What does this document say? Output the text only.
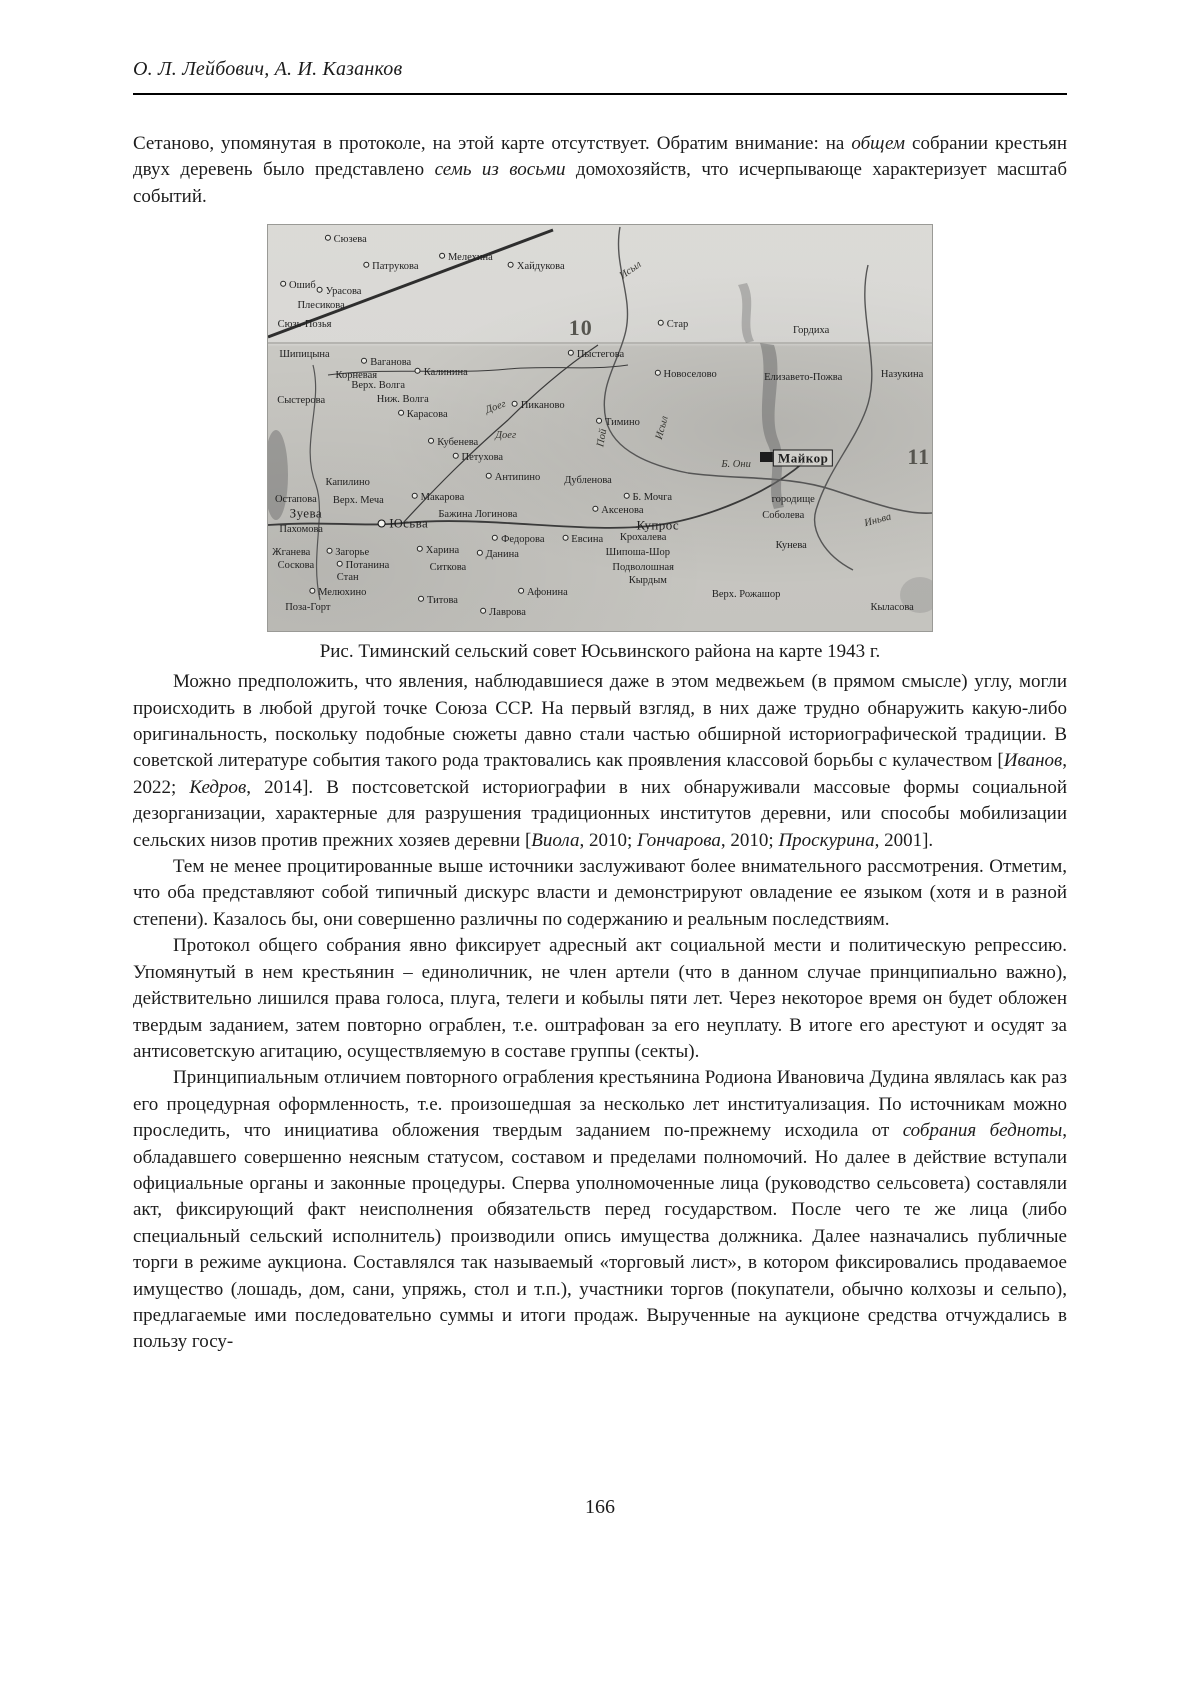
О. Л. Лейбович, А. И. Казанков

Сетаново, упомянутая в протоколе, на этой карте отсутствует. Обратим внимание: на общем собрании крестьян двух деревень было представлено семь из восьми домохозяйств, что исчерпывающе характеризует масштаб событий.

Сюзева
Патрукова
Мелехина
Хайдукова	Исыл
Ошиб
Урасова
Плесикова
Сюзь-Позья	10	Стар
Гордиха
Шипицына
Ваганова
Корневая	Калинина
Верх. Волга
Пыстегова
Новоселово	Елизавето-Пожва	Назукина
Сыстерова	Ниж. Волга
Пиканово
Карасова	Доег
Тимино Исыл
Доег
Кубенева	Пой
Майкор	11
Петухова
Б. Они
Капилино	Антипино Дубленова
Остапова Верх. Меча	Макарова	Б. Мочга	городище
Зуева
Юсьва
Бажина Логинова	Аксенова
Купрос
Соболева	Иньва
Пахомова
Федорова	Евсина Крохалева
Жганева	Загорье	Харина	Данина	Шипоша-Шор
Кунева
Соскова	Потанина	Ситкова	Подволошная
Кырдым
Стан
Мелюхино
Титова
Афонина	Верх. Рожашор
Поза-Горт	Лаврова	Кыласова
Рис. Тиминский сельский совет Юсьвинского района на карте 1943 г.

Можно предположить, что явления, наблюдавшиеся даже в этом медвежьем (в прямом смысле) углу, могли происходить в любой другой точке Союза ССР. На первый взгляд, в них даже трудно обнаружить какую-либо оригинальность, поскольку подобные сюжеты давно стали частью обширной историографической традиции. В советской литературе события такого рода трактовались как проявления классовой борьбы с кулачеством [Иванов, 2022; Кедров, 2014]. В постсоветской историографии в них обнаруживали массовые формы социальной дезорганизации, характерные для разрушения традиционных институтов деревни, или способы мобилизации сельских низов против прежних хозяев деревни [Виола, 2010; Гончарова, 2010; Проскурина, 2001].

Тем не менее процитированные выше источники заслуживают более внимательного рассмотрения. Отметим, что оба представляют собой типичный дискурс власти и демонстрируют овладение ее языком (хотя и в разной степени). Казалось бы, они совершенно различны по содержанию и реальным последствиям.

Протокол общего собрания явно фиксирует адресный акт социальной мести и политическую репрессию. Упомянутый в нем крестьянин – единоличник, не член артели (что в данном случае принципиально важно), действительно лишился права голоса, плуга, телеги и кобылы пяти лет. Через некоторое время он будет обложен твердым заданием, затем повторно ограблен, т.е. оштрафован за его неуплату. В итоге его арестуют и осудят за антисоветскую агитацию, осуществляемую в составе группы (секты).

Принципиальным отличием повторного ограбления крестьянина Родиона Ивановича Дудина являлась как раз его процедурная оформленность, т.е. произошедшая за несколько лет институализация. По источникам можно проследить, что инициатива обложения твердым заданием по-прежнему исходила от собрания бедноты, обладавшего совершенно неясным статусом, составом и пределами полномочий. Но далее в действие вступали официальные органы и законные процедуры. Сперва уполномоченные лица (руководство сельсовета) составляли акт, фиксирующий факт неисполнения обязательств перед государством. После чего те же лица (либо специальный сельский исполнитель) производили опись имущества должника. Далее назначались публичные торги в режиме аукциона. Составлялся так называемый «торговый лист», в котором фиксировались продаваемое имущество (лошадь, дом, сани, упряжь, стол и т.п.), участники торгов (покупатели, обычно колхозы и сельпо), предлагаемые ими последовательно суммы и итоги продаж. Вырученные на аукционе средства отчуждались в пользу госу-

166
